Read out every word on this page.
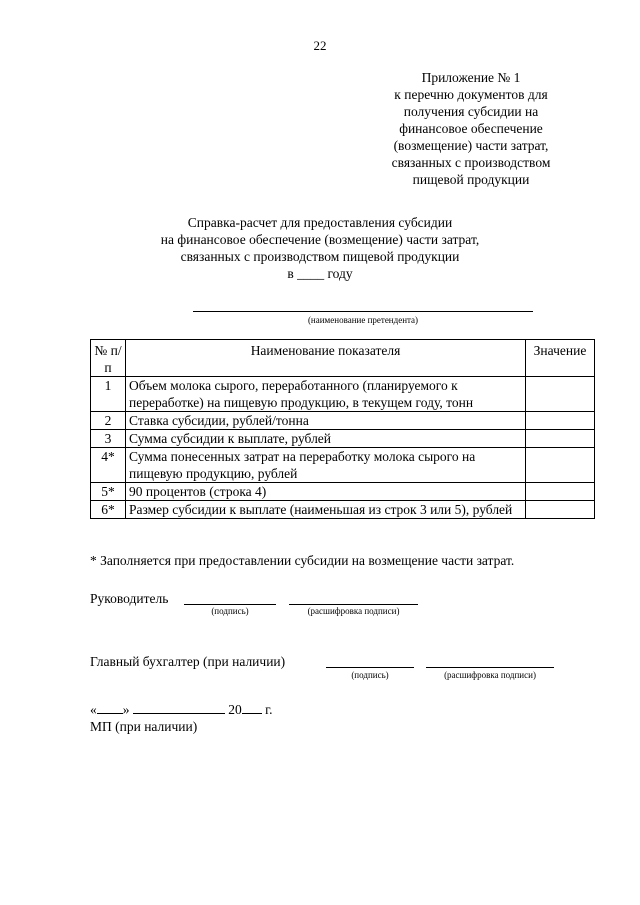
22
Приложение № 1
к перечню документов для
получения субсидии на
финансовое обеспечение
(возмещение) части затрат,
связанных с производством
пищевой продукции
Справка-расчет для предоставления субсидии
на финансовое обеспечение (возмещение) части затрат,
связанных с производством пищевой продукции
в ____ году
(наименование претендента)
№ п/п	Наименование показателя	Значение
1	Объем молока сырого, переработанного (планируемого к переработке) на пищевую продукцию, в текущем году, тонн	
2	Ставка субсидии, рублей/тонна	
3	Сумма субсидии к выплате, рублей	
4*	Сумма понесенных затрат на переработку молока сырого на пищевую продукцию, рублей	
5*	90 процентов (строка 4)	
6*	Размер субсидии к выплате (наименьшая из строк 3 или 5), рублей	
* Заполняется при предоставлении субсидии на возмещение части затрат.
Руководитель
(подпись)	(расшифровка подписи)
Главный бухгалтер (при наличии)
(подпись)	(расшифровка подписи)
« »	20 г.
МП (при наличии)
